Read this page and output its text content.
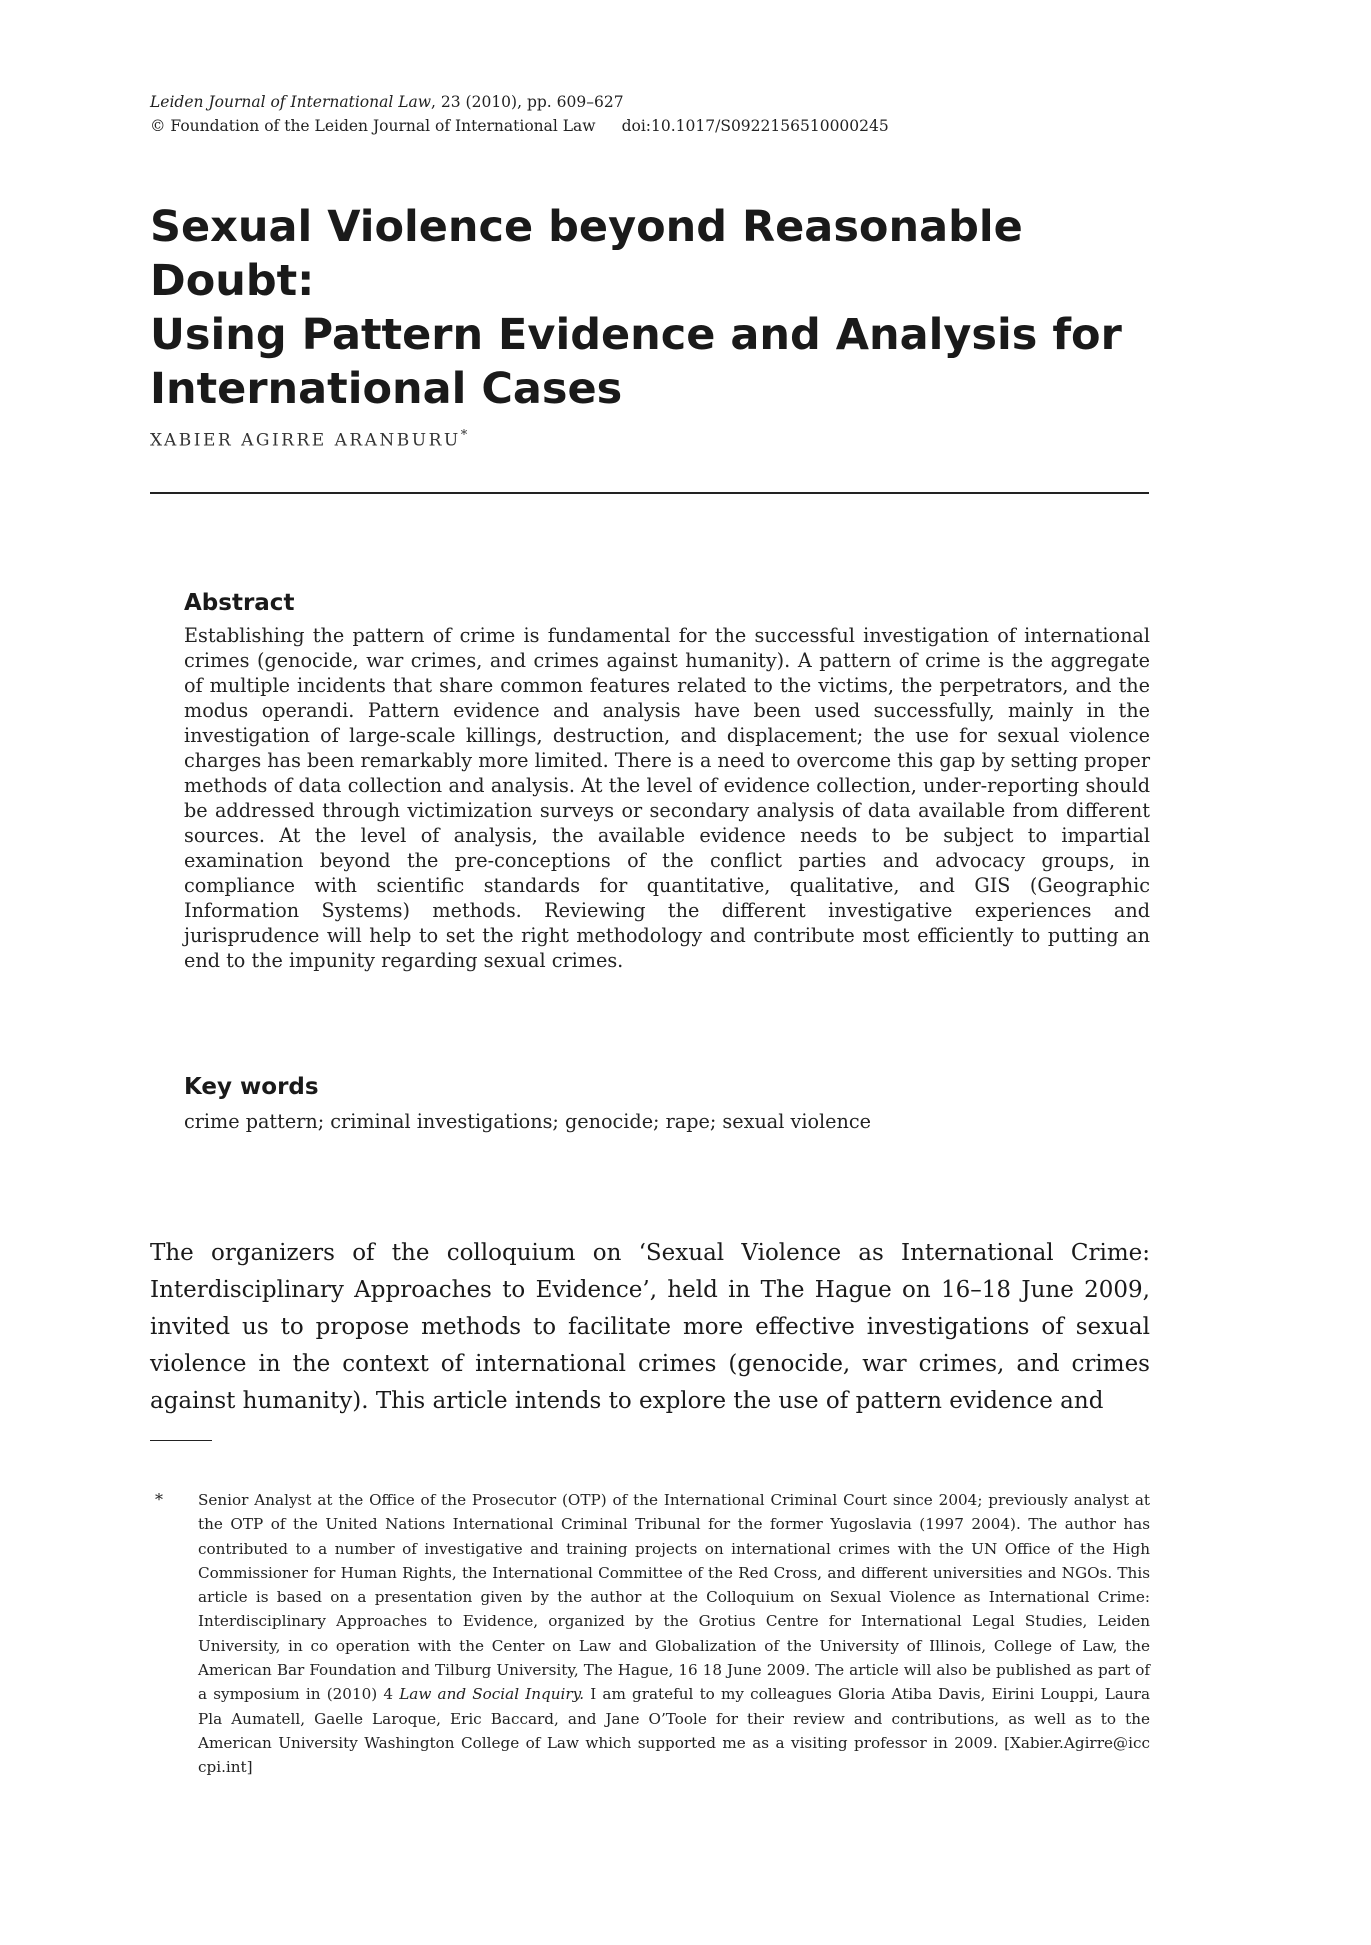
Leiden Journal of International Law, 23 (2010), pp. 609–627
© Foundation of the Leiden Journal of International Law doi:10.1017/S0922156510000245
Sexual Violence beyond Reasonable Doubt:
Using Pattern Evidence and Analysis for
International Cases
XABIER AGIRRE ARANBURU*
Abstract
Establishing the pattern of crime is fundamental for the successful investigation of international crimes (genocide, war crimes, and crimes against humanity). A pattern of crime is the aggregate of multiple incidents that share common features related to the victims, the perpetrators, and the modus operandi. Pattern evidence and analysis have been used successfully, mainly in the investigation of large-scale killings, destruction, and displacement; the use for sexual violence charges has been remarkably more limited. There is a need to overcome this gap by setting proper methods of data collection and analysis. At the level of evidence collection, under-reporting should be addressed through victimization surveys or secondary analysis of data available from different sources. At the level of analysis, the available evidence needs to be subject to impartial examination beyond the pre-conceptions of the conflict parties and advocacy groups, in compliance with scientific standards for quantitative, qualitative, and GIS (Geographic Information Systems) methods. Reviewing the different investigative experiences and jurisprudence will help to set the right methodology and contribute most efficiently to putting an end to the impunity regarding sexual crimes.
Key words
crime pattern; criminal investigations; genocide; rape; sexual violence
The organizers of the colloquium on ‘Sexual Violence as International Crime: Interdisciplinary Approaches to Evidence’, held in The Hague on 16–18 June 2009, invited us to propose methods to facilitate more effective investigations of sexual violence in the context of international crimes (genocide, war crimes, and crimes against humanity). This article intends to explore the use of pattern evidence and
* Senior Analyst at the Office of the Prosecutor (OTP) of the International Criminal Court since 2004; previously analyst at the OTP of the United Nations International Criminal Tribunal for the former Yugoslavia (1997 2004). The author has contributed to a number of investigative and training projects on international crimes with the UN Office of the High Commissioner for Human Rights, the International Committee of the Red Cross, and different universities and NGOs. This article is based on a presentation given by the author at the Colloquium on Sexual Violence as International Crime: Interdisciplinary Approaches to Evidence, organized by the Grotius Centre for International Legal Studies, Leiden University, in co operation with the Center on Law and Globalization of the University of Illinois, College of Law, the American Bar Foundation and Tilburg University, The Hague, 16 18 June 2009. The article will also be published as part of a symposium in (2010) 4 Law and Social Inquiry. I am grateful to my colleagues Gloria Atiba Davis, Eirini Louppi, Laura Pla Aumatell, Gaelle Laroque, Eric Baccard, and Jane O’Toole for their review and contributions, as well as to the American University Washington College of Law which supported me as a visiting professor in 2009. [Xabier.Agirre@icc cpi.int]
